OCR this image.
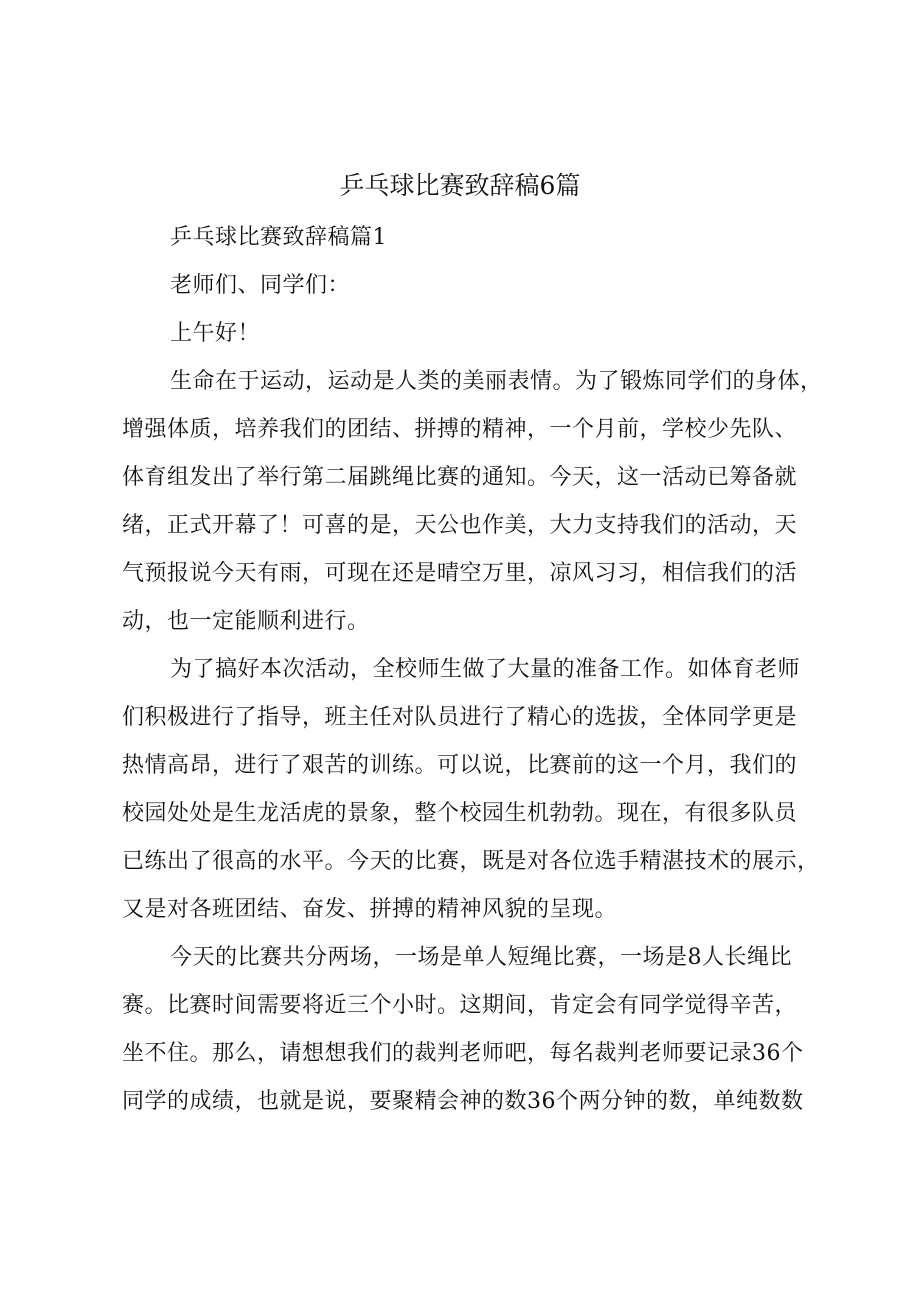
乒乓球比赛致辞稿6篇

乒乓球比赛致辞稿篇1

老师们、同学们：

上午好！

生命在于运动，运动是人类的美丽表情。为了锻炼同学们的身体，
增强体质，培养我们的团结、拼搏的精神，一个月前，学校少先队、
体育组发出了举行第二届跳绳比赛的通知。今天，这一活动已筹备就
绪，正式开幕了！可喜的是，天公也作美，大力支持我们的活动，天
气预报说今天有雨，可现在还是晴空万里，凉风习习，相信我们的活
动，也一定能顺利进行。

为了搞好本次活动，全校师生做了大量的准备工作。如体育老师
们积极进行了指导，班主任对队员进行了精心的选拔，全体同学更是
热情高昂，进行了艰苦的训练。可以说，比赛前的这一个月，我们的
校园处处是生龙活虎的景象，整个校园生机勃勃。现在，有很多队员
已练出了很高的水平。今天的比赛，既是对各位选手精湛技术的展示，
又是对各班团结、奋发、拼搏的精神风貌的呈现。

今天的比赛共分两场，一场是单人短绳比赛，一场是8人长绳比
赛。比赛时间需要将近三个小时。这期间，肯定会有同学觉得辛苦，
坐不住。那么，请想想我们的裁判老师吧，每名裁判老师要记录36个
同学的成绩，也就是说，要聚精会神的数36个两分钟的数，单纯数数
